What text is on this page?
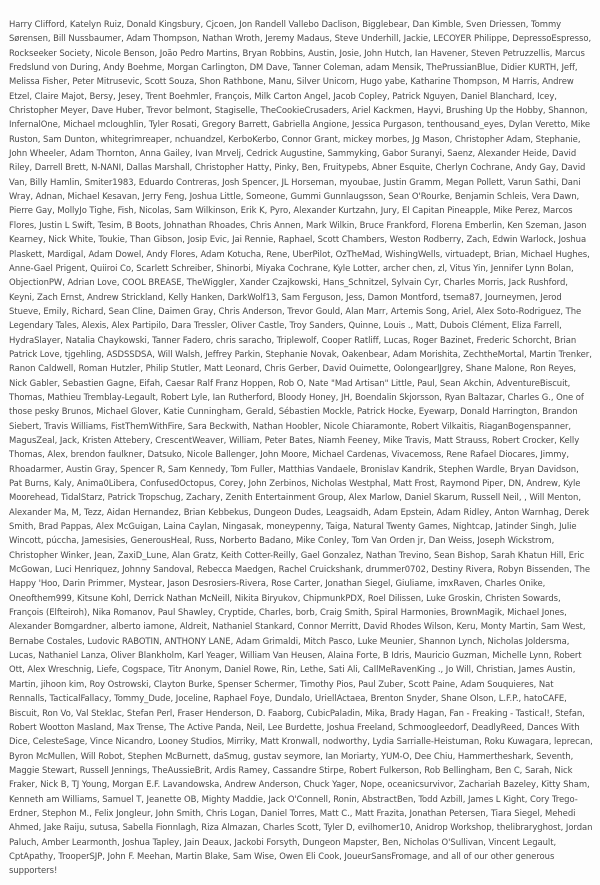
Harry Clifford, Katelyn Ruiz, Donald Kingsbury, Cjcoen, Jon Randell Vallebo Daclison, Bigglebear, Dan Kimble, Sven Driessen, Tommy Sørensen, Bill Nussbaumer, Adam Thompson, Nathan Wroth, Jeremy Madaus, Steve Underhill, Jackie, LECOYER Philippe, DepressoEspresso, Rockseeker Society, Nicole Benson, João Pedro Martins, Bryan Robbins, Austin, Josie, John Hutch, Ian Havener, Steven Petruzzellis, Marcus Fredslund von During, Andy Boehme, Morgan Carlington, DM Dave, Tanner Coleman, adam Mensik, ThePrussianBlue, Didier KURTH, Jeff, Melissa Fisher, Peter Mitrusevic, Scott Souza, Shon Rathbone, Manu, Silver Unicorn, Hugo yabe, Katharine Thompson, M Harris, Andrew Etzel, Claire Majot, Bersy, Jesey, Trent Boehmler, François, Milk Carton Angel, Jacob Copley, Patrick Nguyen, Daniel Blanchard, Icey, Christopher Meyer, Dave Huber, Trevor belmont, Stagiselle, TheCookieCrusaders, Ariel Kackmen, Hayvi, Brushing Up the Hobby, Shannon, InfernalOne, Michael mcloughlin, Tyler Rosati, Gregory Barrett, Gabriella Angione, Jessica Purgason, tenthousand_eyes, Dylan Veretto, Mike Ruston, Sam Dunton, whitegrimreaper, nchuandzel, KerboKerbo, Connor Grant, mickey morbes, Jg Mason, Christopher Adam, Stephanie, John Wheeler, Adam Thornton, Anna Gailey, Ivan Mrvelj, Cedrick Augustine, Sammyking, Gabor Suranyi, Saenz, Alexander Heide, David Riley, Darrell Brett, N-NANI, Dallas Marshall, Christopher Hatty, Pinky, Ben, Fruitypebs, Abner Esquite, Cherlyn Cochrane, Andy Gay, David Van, Billy Hamlin, Smiter1983, Eduardo Contreras, Josh Spencer, JL Horseman, myoubae, Justin Gramm, Megan Pollett, Varun Sathi, Dani Wray, Adnan, Michael Kesavan, Jerry Feng, Joshua Little, Someone, Gummi Gunnlaugsson, Sean O'Rourke, Benjamin Schleis, Vera Dawn, Pierre Gay, MollyJo Tighe, Fish, Nicolas, Sam Wilkinson, Erik K, Pyro, Alexander Kurtzahn, Jury, El Capitan Pineapple, Mike Perez, Marcos Flores, Justin L Swift, Tesim, B Boots, Johnathan Rhoades, Chris Annen, Mark Wilkin, Bruce Frankford, Florena Emberlin, Ken Szeman, Jason Kearney, Nick White, Toukie, Than Gibson, Josip Evic, Jai Rennie, Raphael, Scott Chambers, Weston Rodberry, Zach, Edwin Warlock, Joshua Plaskett, Mardigal, Adam Dowel, Andy Flores, Adam Kotucha, Rene, UberPilot, OzTheMad, WishingWells, virtuadept, Brian, Michael Hughes, Anne-Gael Prigent, Quiiroi Co, Scarlett Schreiber, Shinorbi, Miyaka Cochrane, Kyle Lotter, archer chen, zl, Vitus Yin, Jennifer Lynn Bolan, ObjectionPW, Adrian Love, COOL BREASE, TheWiggler, Xander Czajkowski, Hans_Schnitzel, Sylvain Cyr, Charles Morris, Jack Rushford, Keyni, Zach Ernst, Andrew Strickland, Kelly Hanken, DarkWolf13, Sam Ferguson, Jess, Damon Montford, tsema87, Journeymen, Jerod Stueve, Emily, Richard, Sean Cline, Daimen Gray, Chris Anderson, Trevor Gould, Alan Marr, Artemis Song, Ariel, Alex Soto-Rodriguez, The Legendary Tales, Alexis, Alex Partipilo, Dara Tressler, Oliver Castle, Troy Sanders, Quinne, Louis ., Matt, Dubois Clément, Eliza Farrell, HydraSlayer, Natalia Chaykowski, Tanner Fadero, chris saracho, Triplewolf, Cooper Ratliff, Lucas, Roger Bazinet, Frederic Schorcht, Brian Patrick Love, tjgehling, ASDSSDSA, Will Walsh, Jeffrey Parkin, Stephanie Novak, Oakenbear, Adam Morishita, ZechtheMortal, Martin Trenker, Ranon Caldwell, Roman Hutzler, Philip Stutler, Matt Leonard, Chris Gerber, David Ouimette, OolongearlJgrey, Shane Malone, Ron Reyes, Nick Gabler, Sebastien Gagne, Eifah, Caesar Ralf Franz Hoppen, Rob O, Nate "Mad Artisan" Little, Paul, Sean Akchin, AdventureBiscuit, Thomas, Mathieu Tremblay-Legault, Robert Lyle, Ian Rutherford, Bloody Honey, JH, Boendalin Skjorsson, Ryan Baltazar, Charles G., One of those pesky Brunos, Michael Glover, Katie Cunningham, Gerald, Sébastien Mockle, Patrick Hocke, Eyewarp, Donald Harrington, Brandon Siebert, Travis Williams, FistThemWithFire, Sara Beckwith, Nathan Hoobler, Nicole Chiaramonte, Robert Vilkaitis, RiaganBogenspanner, MagusZeal, Jack, Kristen Attebery, CrescentWeaver, William, Peter Bates, Niamh Feeney, Mike Travis, Matt Strauss, Robert Crocker, Kelly Thomas, Alex, brendon faulkner, Datsuko, Nicole Ballenger, John Moore, Michael Cardenas, Vivacemoss, Rene Rafael Diocares, Jimmy, Rhoadarmer, Austin Gray, Spencer R, Sam Kennedy, Tom Fuller, Matthias Vandaele, Bronislav Kandrik, Stephen Wardle, Bryan Davidson, Pat Burns, Kaly, Anima0Libera, ConfusedOctopus, Corey, John Zerbinos, Nicholas Westphal, Matt Frost, Raymond Piper, DN, Andrew, Kyle Moorehead, TidalStarz, Patrick Tropschug, Zachary, Zenith Entertainment Group, Alex Marlow, Daniel Skarum, Russell Neil, , Will Menton, Alexander Ma, M, Tezz, Aidan Hernandez, Brian Kebbekus, Dungeon Dudes, Leagsaidh, Adam Epstein, Adam Ridley, Anton Warnhag, Derek Smith, Brad Pappas, Alex McGuigan, Laina Caylan, Ningasak, moneypenny, Taiga, Natural Twenty Games, Nightcap, Jatinder Singh, Julie Wincott, púccha, Jamesisies, GenerousHeal, Russ, Norberto Badano, Mike Conley, Tom Van Orden jr, Dan Weiss, Joseph Wickstrom, Christopher Winker, Jean, ZaxiD_Lune, Alan Gratz, Keith Cotter-Reilly, Gael Gonzalez, Nathan Trevino, Sean Bishop, Sarah Khatun Hill, Eric McGowan, Luci Henriquez, Johnny Sandoval, Rebecca Maedgen, Rachel Cruickshank, drummer0702, Destiny Rivera, Robyn Bissenden, The Happy 'Hoo, Darin Primmer, Mystear, Jason Desrosiers-Rivera, Rose Carter, Jonathan Siegel, Giuliame, imxRaven, Charles Onike, Oneofthem999, Kitsune Kohl, Derrick Nathan McNeill, Nikita Biryukov, ChipmunkPDX, Roel Dilissen, Luke Groskin, Christen Sowards, François (Elfteiroh), Nika Romanov, Paul Shawley, Cryptide, Charles, borb, Craig Smith, Spiral Harmonies, BrownMagik, Michael Jones, Alexander Bomgardner, alberto iamone, Aldreit, Nathaniel Stankard, Connor Merritt, David Rhodes Wilson, Keru, Monty Martin, Sam West, Bernabe Costales, Ludovic RABOTIN, ANTHONY LANE, Adam Grimaldi, Mitch Pasco, Luke Meunier, Shannon Lynch, Nicholas Joldersma, Lucas, Nathaniel Lanza, Oliver Blankholm, Karl Yeager, William Van Heusen, Alaina Forte, B Idris, Mauricio Guzman, Michelle Lynn, Robert Ott, Alex Wreschnig, Liefe, Cogspace, Titr Anonym, Daniel Rowe, Rin, Lethe, Sati Ali, CallMeRavenKing ., Jo Will, Christian, James Austin, Martin, jihoon kim, Roy Ostrowski, Clayton Burke, Spenser Schermer, Timothy Pios, Paul Zuber, Scott Paine, Adam Souquieres, Nat Rennalls, TacticalFallacy, Tommy_Dude, Joceline, Raphael Foye, Dundalo, UriellActaea, Brenton Snyder, Shane Olson, L.F.P., hatoCAFE, Biscuit, Ron Vo, Val Steklac, Stefan Perl, Fraser Henderson, D. Faaborg, CubicPaladin, Mika, Brady Hagan, Fan - Freaking - Tastical!, Stefan, Robert Wootton Masland, Max Trense, The Active Panda, Neil, Lee Burdette, Joshua Freeland, Schmoogleedorf, DeadlyReed, Dances With Dice, CelesteSage, Vince Nicandro, Looney Studios, Mirriky, Matt Kronwall, nodworthy, Lydia Sarrialle-Heistuman, Roku Kuwagara, leprecan, Byron McMullen, Will Robot, Stephen McBurnett, daSmug, gustav seymore, Ian Moriarty, YUM-O, Dee Chiu, Hammertheshark, Seventh, Maggie Stewart, Russell Jennings, TheAussieBrit, Ardis Ramey, Cassandre Stirpe, Robert Fulkerson, Rob Bellingham, Ben C, Sarah, Nick Fraker, Nick B, TJ Young, Morgan E.F. Lavandowska, Andrew Anderson, Chuck Yager, Nope, oceanicsurvivor, Zachariah Bazeley, Kitty Sham, Kenneth am Williams, Samuel T, Jeanette OB, Mighty Maddie, Jack O'Connell, Ronin, AbstractBen, Todd Azbill, James L Kight, Cory Trego-Erdner, Stephon M., Felix Jongleur, John Smith, Chris Logan, Daniel Torres, Matt C., Matt Frazita, Jonathan Petersen, Tiara Siegel, Mehedi Ahmed, Jake Raiju, sutusa, Sabella Fionnlagh, Riza Almazan, Charles Scott, Tyler D, evilhomer10, Anidrop Workshop, thelibraryghost, Jordan Paluch, Amber Learmonth, Joshua Tapley, Jain Deaux, Jackobi Forsyth, Dungeon Mapster, Ben, Nicholas O'Sullivan, Vincent Legault, CptApathy, TrooperSJP, John F. Meehan, Martin Blake, Sam Wise, Owen Eli Cook, JoueurSansFromage, and all of our other generous supporters!
